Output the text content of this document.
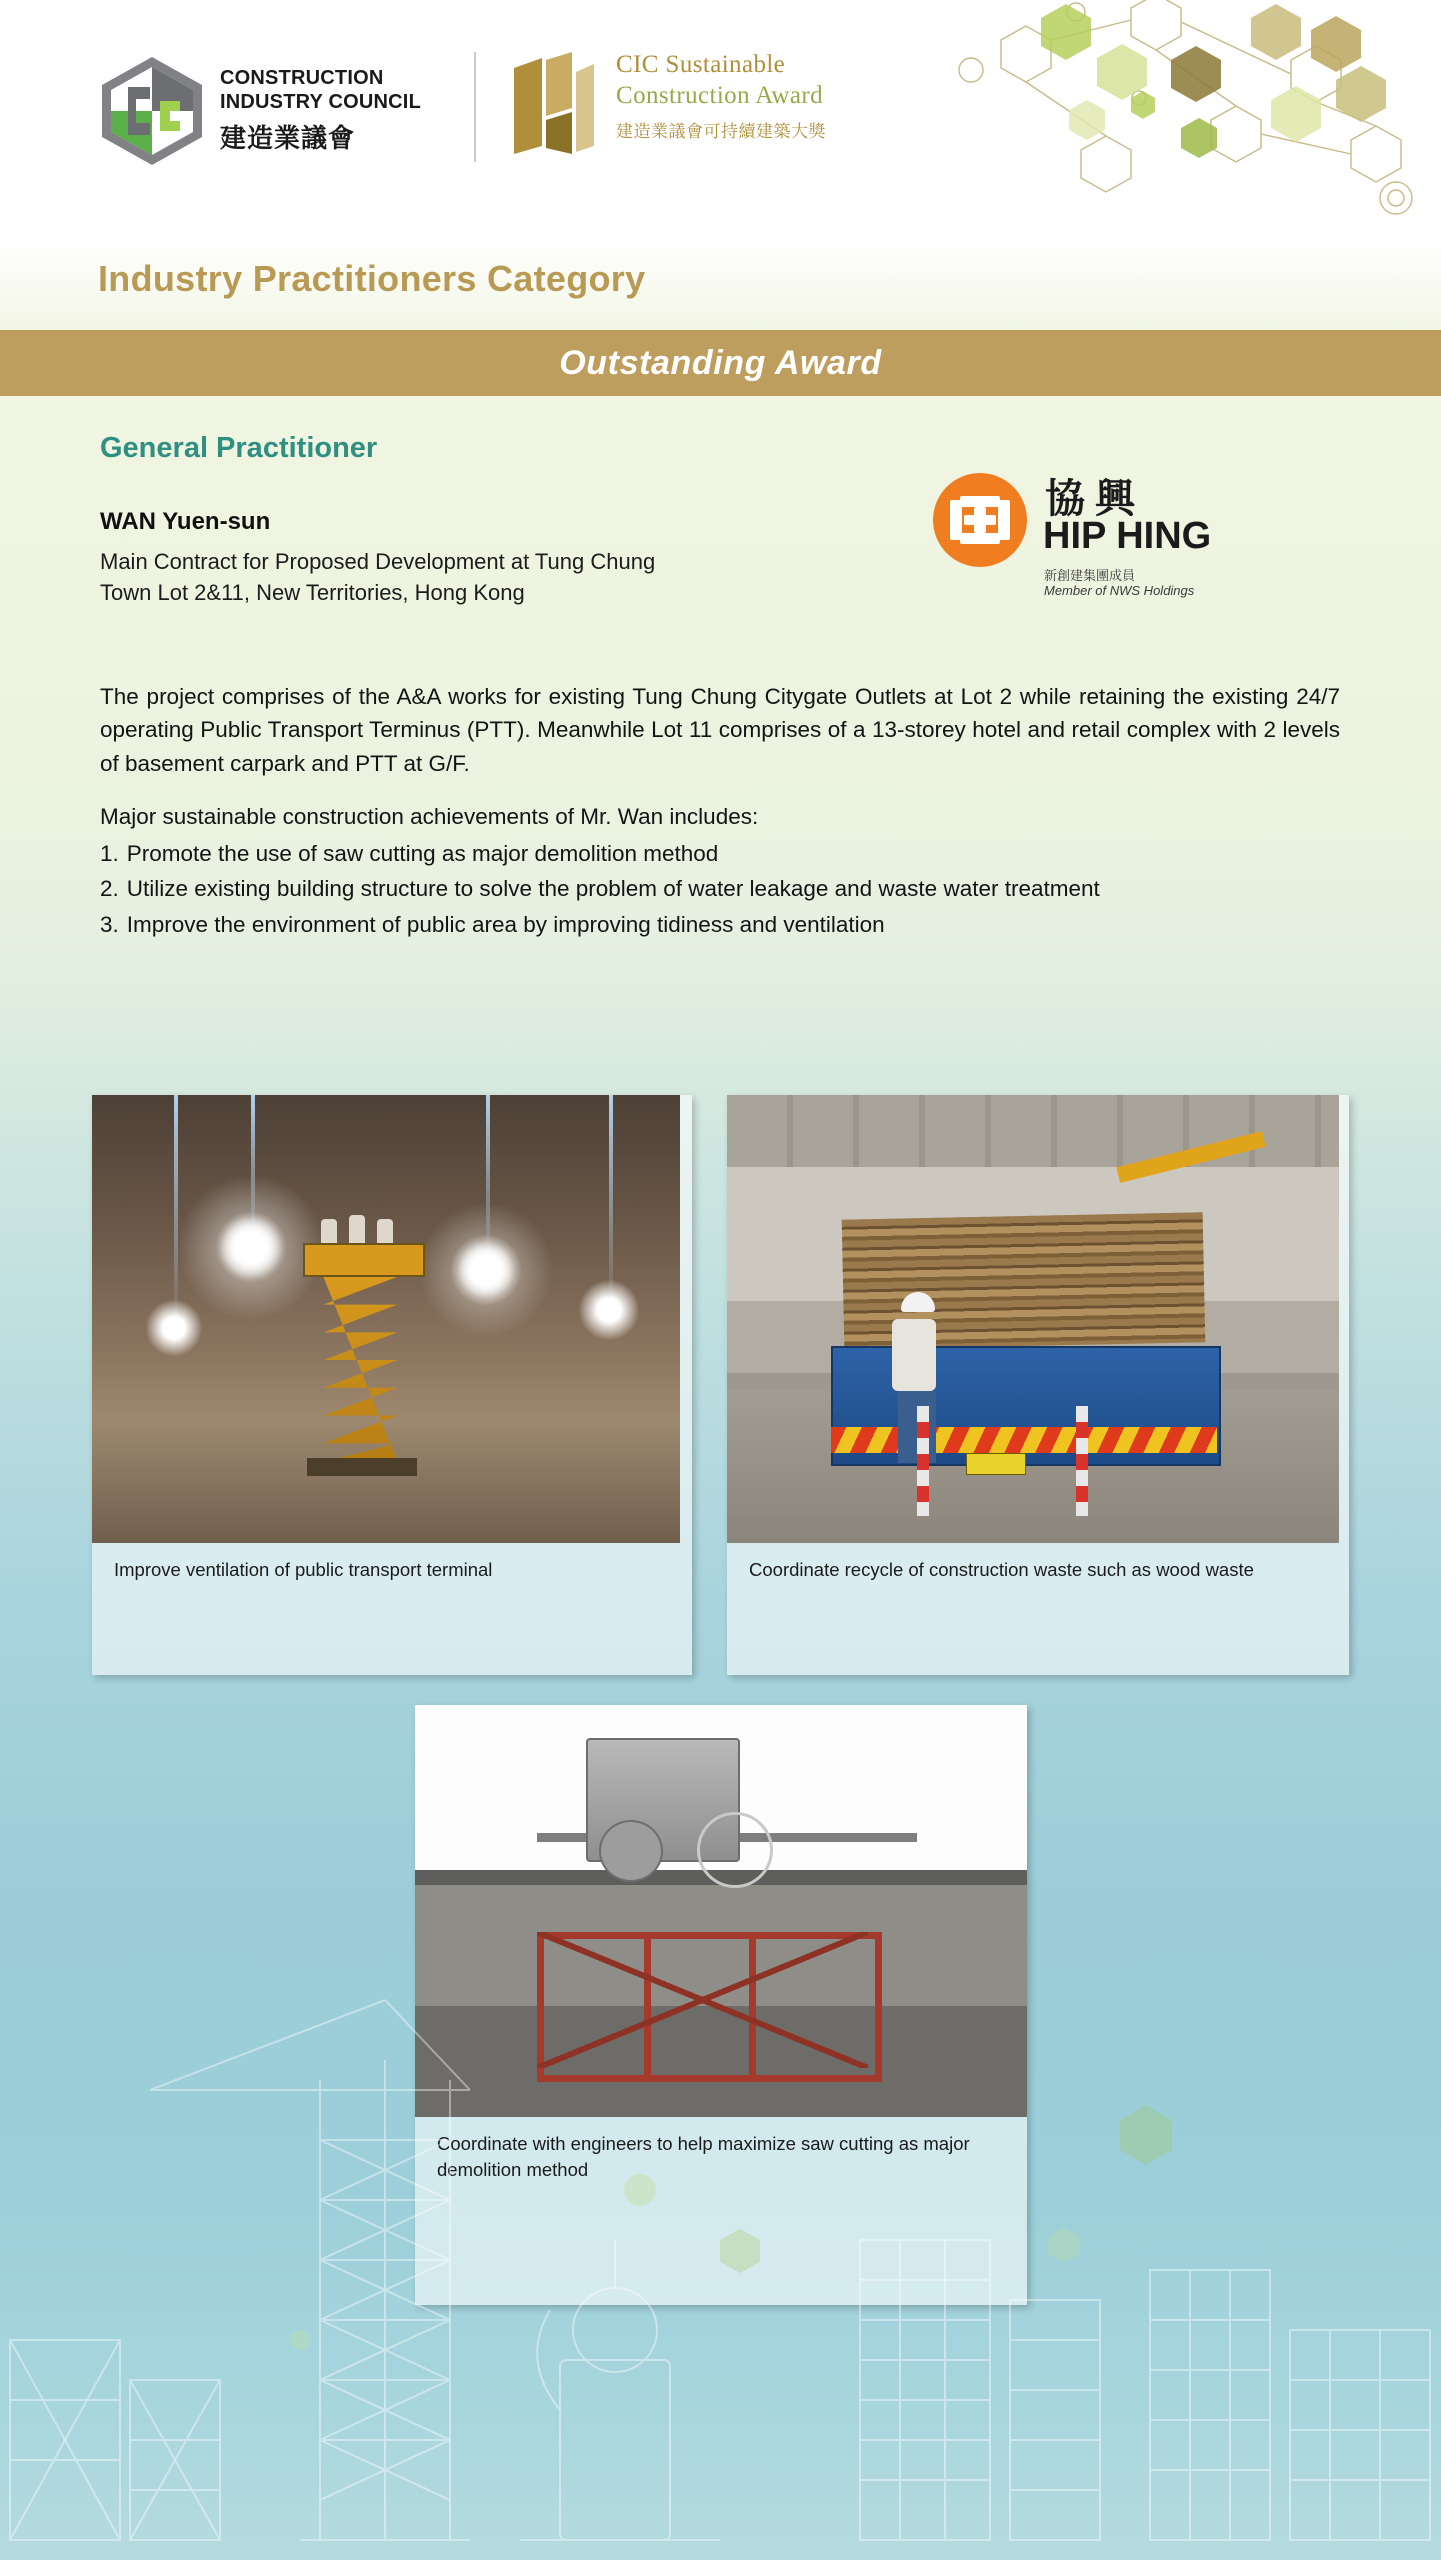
CONSTRUCTION
INDUSTRY COUNCIL
建造業議會
CIC Sustainable
Construction Award
建造業議會可持續建築大獎
Industry Practitioners Category
Outstanding Award
General Practitioner
WAN Yuen-sun
Main Contract for Proposed Development at Tung Chung
Town Lot 2&11, New Territories, Hong Kong
協興
HIP HING
新創建集團成員
Member of NWS Holdings
The project comprises of the A&A works for existing Tung Chung Citygate Outlets at Lot 2 while retaining the existing 24/7 operating Public Transport Terminus (PTT). Meanwhile Lot 11 comprises of a 13-storey hotel and retail complex with 2 levels of basement carpark and PTT at G/F.
Major sustainable construction achievements of Mr. Wan includes:
1. Promote the use of saw cutting as major demolition method
2. Utilize existing building structure to solve the problem of water leakage and waste water treatment
3. Improve the environment of public area by improving tidiness and ventilation
Improve ventilation of public transport terminal	Coordinate recycle of construction waste such as wood waste
Coordinate with engineers to help maximize saw cutting as major demolition method
